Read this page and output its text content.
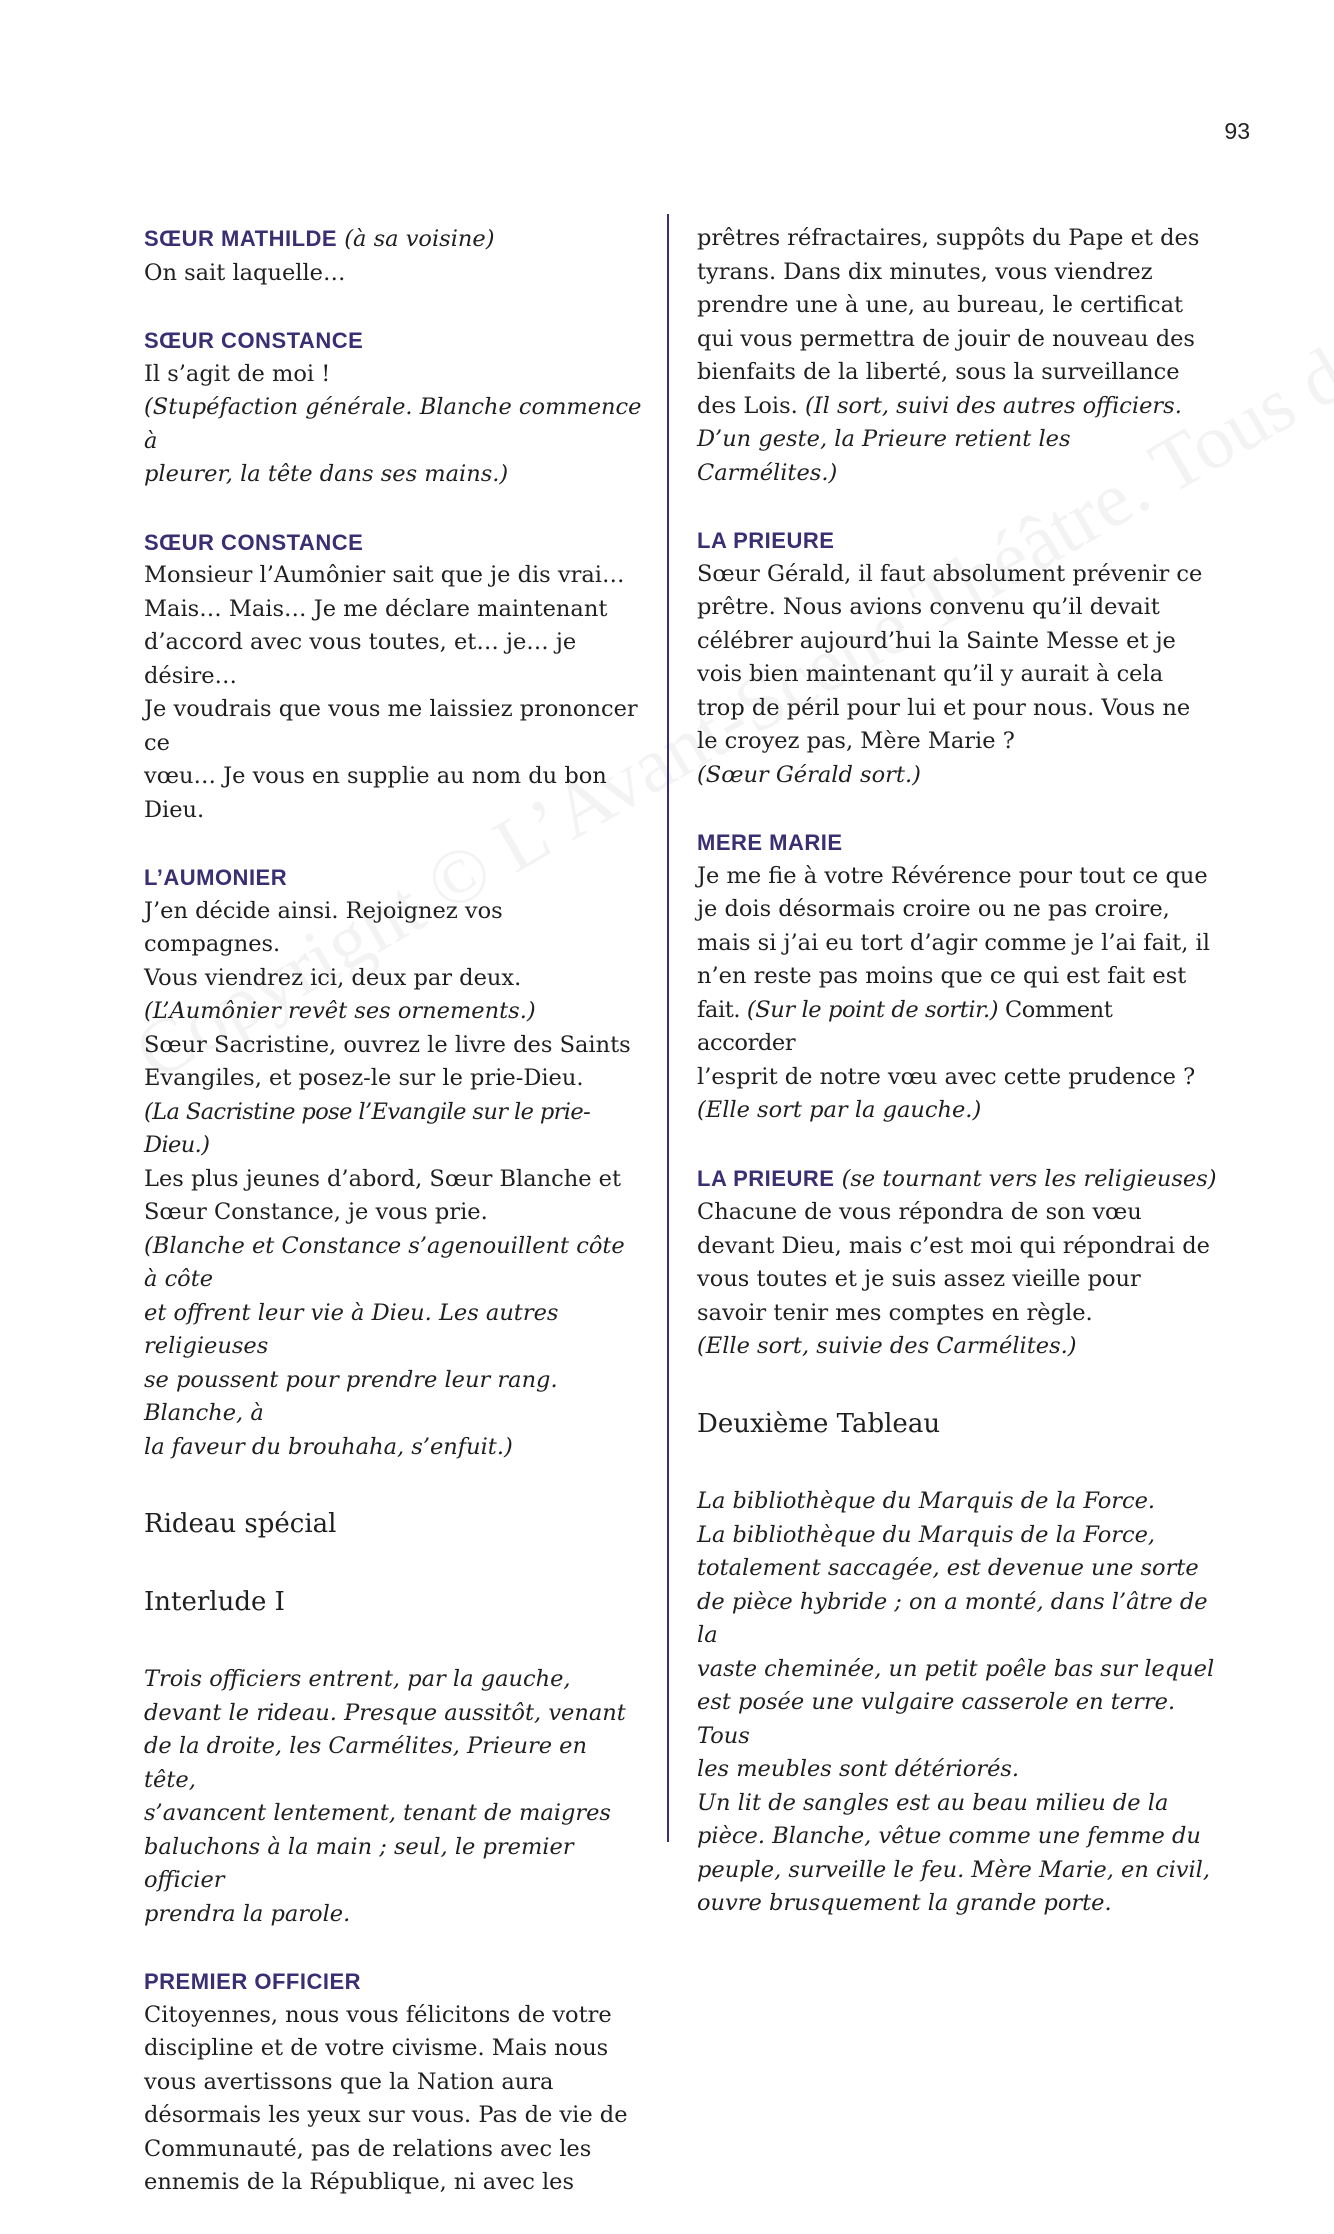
93
SŒUR MATHILDE (à sa voisine)
On sait laquelle…
SŒUR CONSTANCE
Il s’agit de moi !
(Stupéfaction générale. Blanche commence à
pleurer, la tête dans ses mains.)
SŒUR CONSTANCE
Monsieur l’Aumônier sait que je dis vrai…
Mais… Mais… Je me déclare maintenant
d’accord avec vous toutes, et… je… je désire…
Je voudrais que vous me laissiez prononcer ce
vœu… Je vous en supplie au nom du bon Dieu.
L’AUMONIER
J’en décide ainsi. Rejoignez vos compagnes.
Vous viendrez ici, deux par deux.
(L’Aumônier revêt ses ornements.)
Sœur Sacristine, ouvrez le livre des Saints
Evangiles, et posez-le sur le prie-Dieu.
(La Sacristine pose l’Evangile sur le prie-Dieu.)
Les plus jeunes d’abord, Sœur Blanche et
Sœur Constance, je vous prie.
(Blanche et Constance s’agenouillent côte à côte
et offrent leur vie à Dieu. Les autres religieuses
se poussent pour prendre leur rang. Blanche, à
la faveur du brouhaha, s’enfuit.)
Rideau spécial
Interlude I
Trois officiers entrent, par la gauche,
devant le rideau. Presque aussitôt, venant
de la droite, les Carmélites, Prieure en tête,
s’avancent lentement, tenant de maigres
baluchons à la main ; seul, le premier officier
prendra la parole.
PREMIER OFFICIER
Citoyennes, nous vous félicitons de votre
discipline et de votre civisme. Mais nous
vous avertissons que la Nation aura
désormais les yeux sur vous. Pas de vie de
Communauté, pas de relations avec les
ennemis de la République, ni avec les
prêtres réfractaires, suppôts du Pape et des
tyrans. Dans dix minutes, vous viendrez
prendre une à une, au bureau, le certificat
qui vous permettra de jouir de nouveau des
bienfaits de la liberté, sous la surveillance
des Lois. (Il sort, suivi des autres officiers.
D’un geste, la Prieure retient les Carmélites.)
LA PRIEURE
Sœur Gérald, il faut absolument prévenir ce
prêtre. Nous avions convenu qu’il devait
célébrer aujourd’hui la Sainte Messe et je
vois bien maintenant qu’il y aurait à cela
trop de péril pour lui et pour nous. Vous ne
le croyez pas, Mère Marie ?
(Sœur Gérald sort.)
MERE MARIE
Je me fie à votre Révérence pour tout ce que
je dois désormais croire ou ne pas croire,
mais si j’ai eu tort d’agir comme je l’ai fait, il
n’en reste pas moins que ce qui est fait est
fait. (Sur le point de sortir.) Comment accorder
l’esprit de notre vœu avec cette prudence ?
(Elle sort par la gauche.)
LA PRIEURE (se tournant vers les religieuses)
Chacune de vous répondra de son vœu
devant Dieu, mais c’est moi qui répondrai de
vous toutes et je suis assez vieille pour
savoir tenir mes comptes en règle.
(Elle sort, suivie des Carmélites.)
Deuxième Tableau
La bibliothèque du Marquis de la Force.
La bibliothèque du Marquis de la Force,
totalement saccagée, est devenue une sorte
de pièce hybride ; on a monté, dans l’âtre de la
vaste cheminée, un petit poêle bas sur lequel
est posée une vulgaire casserole en terre. Tous
les meubles sont détériorés.
Un lit de sangles est au beau milieu de la
pièce. Blanche, vêtue comme une femme du
peuple, surveille le feu. Mère Marie, en civil,
ouvre brusquement la grande porte.
